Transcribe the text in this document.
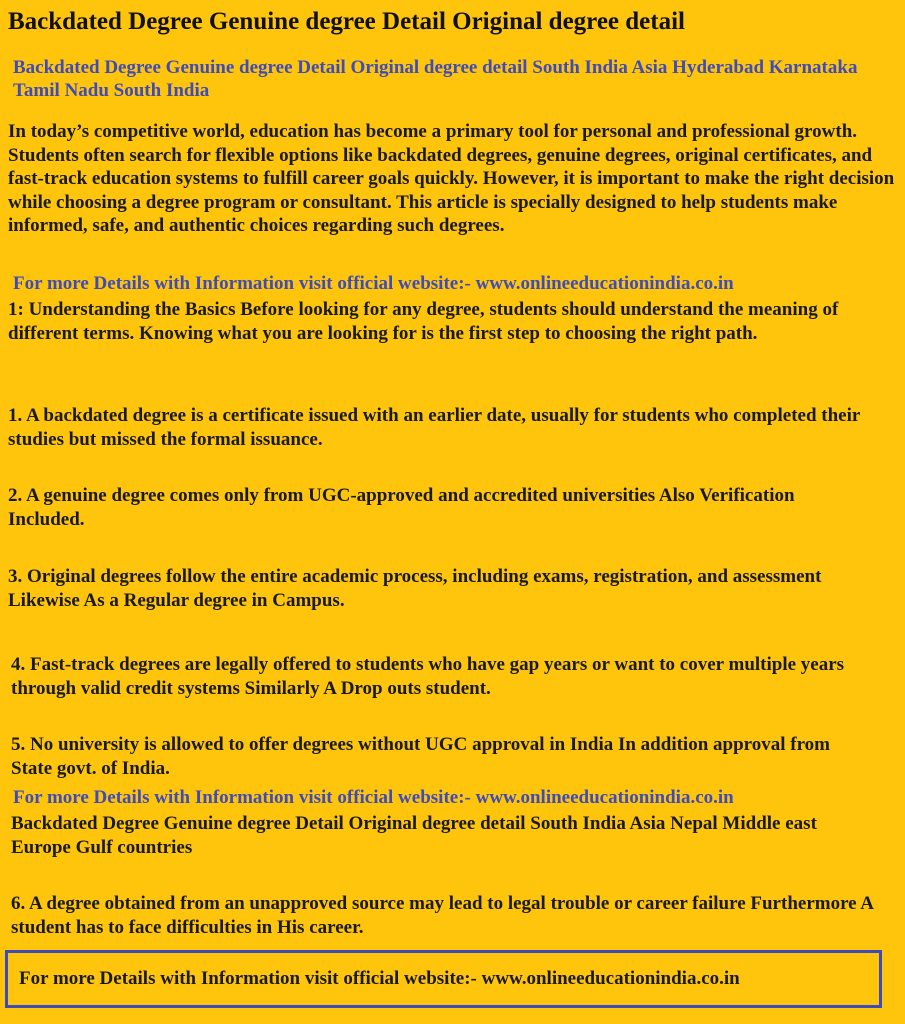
Backdated Degree Genuine degree Detail Original degree detail

Backdated Degree Genuine degree Detail Original degree detail South India Asia Hyderabad Karnataka Tamil Nadu South India

In today’s competitive world, education has become a primary tool for personal and professional growth. Students often search for flexible options like backdated degrees, genuine degrees, original certificates, and fast-track education systems to fulfill career goals quickly. However, it is important to make the right decision while choosing a degree program or consultant. This article is specially designed to help students make informed, safe, and authentic choices regarding such degrees.

For more Details with Information visit official website:- www.onlineeducationindia.co.in

1: Understanding the Basics Before looking for any degree, students should understand the meaning of different terms. Knowing what you are looking for is the first step to choosing the right path.

1. A backdated degree is a certificate issued with an earlier date, usually for students who completed their studies but missed the formal issuance.

2. A genuine degree comes only from UGC-approved and accredited universities Also Verification Included.

3. Original degrees follow the entire academic process, including exams, registration, and assessment Likewise As a Regular degree in Campus.

4. Fast-track degrees are legally offered to students who have gap years or want to cover multiple years through valid credit systems Similarly A Drop outs student.

5. No university is allowed to offer degrees without UGC approval in India In addition approval from State govt. of India.

For more Details with Information visit official website:- www.onlineeducationindia.co.in

Backdated Degree Genuine degree Detail Original degree detail South India Asia Nepal Middle east Europe Gulf countries

6. A degree obtained from an unapproved source may lead to legal trouble or career failure Furthermore A student has to face difficulties in His career.

For more Details with Information visit official website:- www.onlineeducationindia.co.in
